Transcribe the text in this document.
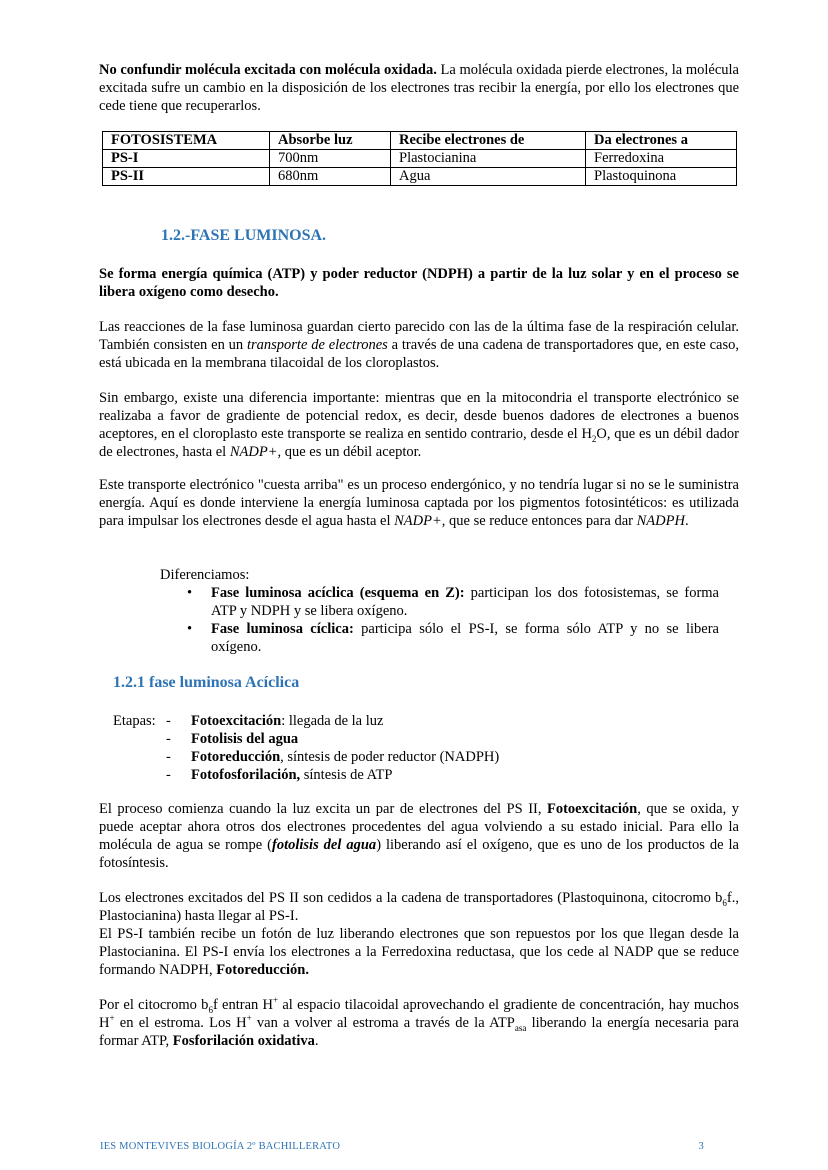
No confundir molécula excitada con molécula oxidada. La molécula oxidada pierde electrones, la molécula excitada sufre un cambio en la disposición de los electrones tras recibir la energía, por ello los electrones que cede tiene que recuperarlos.

FOTOSISTEMA	Absorbe luz	Recibe electrones de	Da electrones a
PS-I	700nm	Plastocianina	Ferredoxina
PS-II	680nm	Agua	Plastoquinona
1.2.-FASE LUMINOSA.

Se forma energía química (ATP) y poder reductor (NDPH) a partir de la luz solar y en el proceso se libera oxígeno como desecho.

Las reacciones de la fase luminosa guardan cierto parecido con las de la última fase de la respiración celular. También consisten en un transporte de electrones a través de una cadena de transportadores que, en este caso, está ubicada en la membrana tilacoidal de los cloroplastos.

Sin embargo, existe una diferencia importante: mientras que en la mitocondria el transporte electrónico se realizaba a favor de gradiente de potencial redox, es decir, desde buenos dadores de electrones a buenos aceptores, en el cloroplasto este transporte se realiza en sentido contrario, desde el $H_2O$, que es un débil dador de electrones, hasta el NADP+, que es un débil aceptor.

Este transporte electrónico "cuesta arriba" es un proceso endergónico, y no tendría lugar si no se le suministra energía. Aquí es donde interviene la energía luminosa captada por los pigmentos fotosintéticos: es utilizada para impulsar los electrones desde el agua hasta el NADP+, que se reduce entonces para dar NADPH.

Diferenciamos:
• Fase luminosa acíclica (esquema en Z): participan los dos fotosistemas, se forma ATP y NDPH y se libera oxígeno.
• Fase luminosa cíclica: participa sólo el PS-I, se forma sólo ATP y no se libera oxígeno.
1.2.1 fase luminosa Acíclica
Etapas: - Fotoexcitación: llegada de la luz
- Fotolisis del agua
- Fotoreducción, síntesis de poder reductor (NADPH)
- Fotofosforilación, síntesis de ATP

El proceso comienza cuando la luz excita un par de electrones del PS II, Fotoexcitación, que se oxida, y puede aceptar ahora otros dos electrones procedentes del agua volviendo a su estado inicial. Para ello la molécula de agua se rompe (fotolisis del agua) liberando así el oxígeno, que es uno de los productos de la fotosíntesis.

Los electrones excitados del PS II son cedidos a la cadena de transportadores (Plastoquinona, citocromo $b_6f$., Plastocianina) hasta llegar al PS-I.

El PS-I también recibe un fotón de luz liberando electrones que son repuestos por los que llegan desde la Plastocianina. El PS-I envía los electrones a la Ferredoxina reductasa, que los cede al NADP que se reduce formando NADPH, Fotoreducción.

Por el citocromo $b_6f$ entran H+ al espacio tilacoidal aprovechando el gradiente de concentración, hay muchos H+ en el estroma. Los H+ van a volver al estroma a través de la $ATP_{asa}$ liberando la energía necesaria para formar ATP, Fosforilación oxidativa.

IES MONTEVIVES BIOLOGÍA 2º BACHILLERATO	3
